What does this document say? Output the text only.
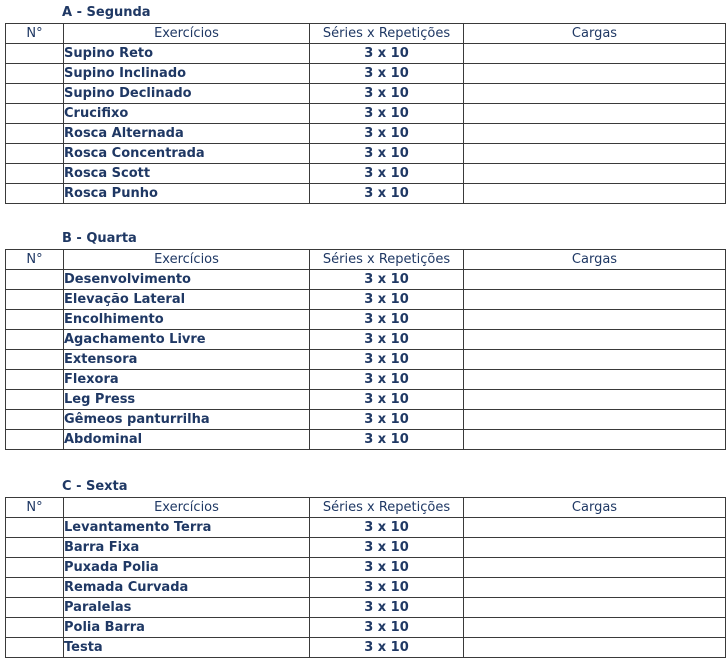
A - Segunda
N°	Exercícios	Séries x Repetições	Cargas
	Supino Reto	3 x 10	
	Supino Inclinado	3 x 10	
	Supino Declinado	3 x 10	
	Crucifixo	3 x 10	
	Rosca Alternada	3 x 10	
	Rosca Concentrada	3 x 10	
	Rosca Scott	3 x 10	
	Rosca Punho	3 x 10	
B - Quarta
N°	Exercícios	Séries x Repetições	Cargas
	Desenvolvimento	3 x 10	
	Elevação Lateral	3 x 10	
	Encolhimento	3 x 10	
	Agachamento Livre	3 x 10	
	Extensora	3 x 10	
	Flexora	3 x 10	
	Leg Press	3 x 10	
	Gêmeos panturrilha	3 x 10	
	Abdominal	3 x 10	
C - Sexta
N°	Exercícios	Séries x Repetições	Cargas
	Levantamento Terra	3 x 10	
	Barra Fixa	3 x 10	
	Puxada Polia	3 x 10	
	Remada Curvada	3 x 10	
	Paralelas	3 x 10	
	Polia Barra	3 x 10	
	Testa	3 x 10	
